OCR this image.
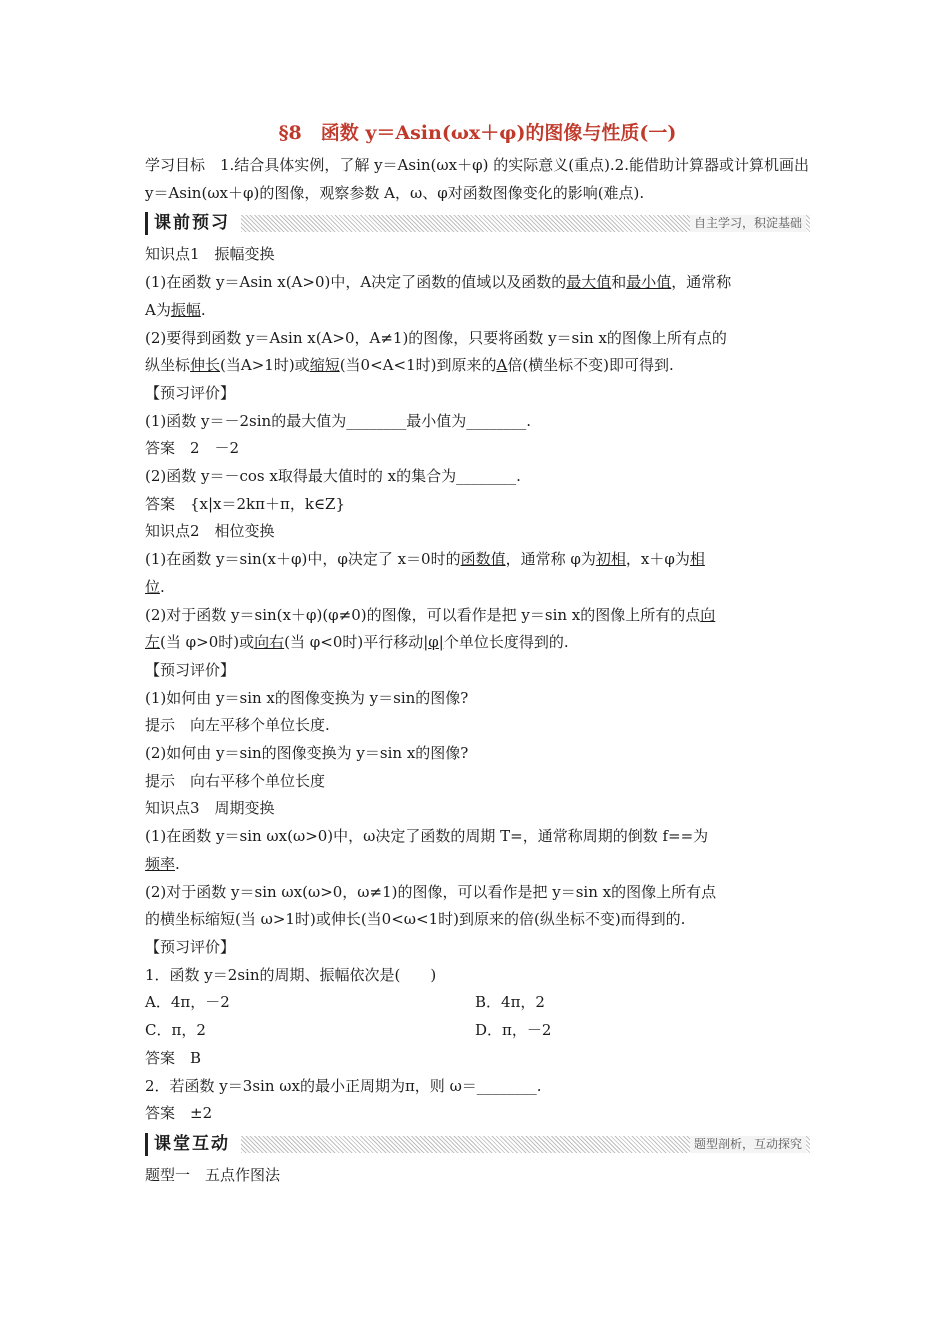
§8　函数 y＝Asin(ωx＋φ)的图像与性质(一)

学习目标　1.结合具体实例，了解 y＝Asin(ωx＋φ) 的实际意义(重点).2.能借助计算器或计算机画出 y＝Asin(ωx＋φ)的图像，观察参数 A，ω、φ对函数图像变化的影响(难点).

课前预习	自主学习，积淀基础

知识点1　振幅变换

(1)在函数 y＝Asin x(A>0)中，A决定了函数的值域以及函数的最大值和最小值，通常称

A为振幅.

(2)要得到函数 y＝Asin x(A>0，A≠1)的图像，只要将函数 y＝sin x的图像上所有点的

纵坐标伸长(当A>1时)或缩短(当0<A<1时)到原来的A倍(横坐标不变)即可得到.

【预习评价】

(1)函数 y＝－2sin的最大值为________最小值为________.

答案　2　－2

(2)函数 y＝－cos x取得最大值时的 x的集合为________.

答案　{x|x＝2kπ＋π，k∈Z}

知识点2　相位变换

(1)在函数 y＝sin(x＋φ)中，φ决定了 x＝0时的函数值，通常称 φ为初相，x＋φ为相

位.

(2)对于函数 y＝sin(x＋φ)(φ≠0)的图像，可以看作是把 y＝sin x的图像上所有的点向

左(当 φ>0时)或向右(当 φ<0时)平行移动|φ|个单位长度得到的.

【预习评价】

(1)如何由 y＝sin x的图像变换为 y＝sin的图像?

提示　向左平移个单位长度.

(2)如何由 y＝sin的图像变换为 y＝sin x的图像?

提示　向右平移个单位长度

知识点3　周期变换

(1)在函数 y＝sin ωx(ω>0)中，ω决定了函数的周期 T=，通常称周期的倒数 f==为

频率.

(2)对于函数 y＝sin ωx(ω>0，ω≠1)的图像，可以看作是把 y＝sin x的图像上所有点

的横坐标缩短(当 ω>1时)或伸长(当0<ω<1时)到原来的倍(纵坐标不变)而得到的.

【预习评价】

1．函数 y＝2sin的周期、振幅依次是(　　)

A．4π，－2	B．4π，2

C．π，2	D．π，－2

答案　B

2．若函数 y＝3sin ωx的最小正周期为π，则 ω＝________.

答案　±2

课堂互动	题型剖析，互动探究

题型一　五点作图法
